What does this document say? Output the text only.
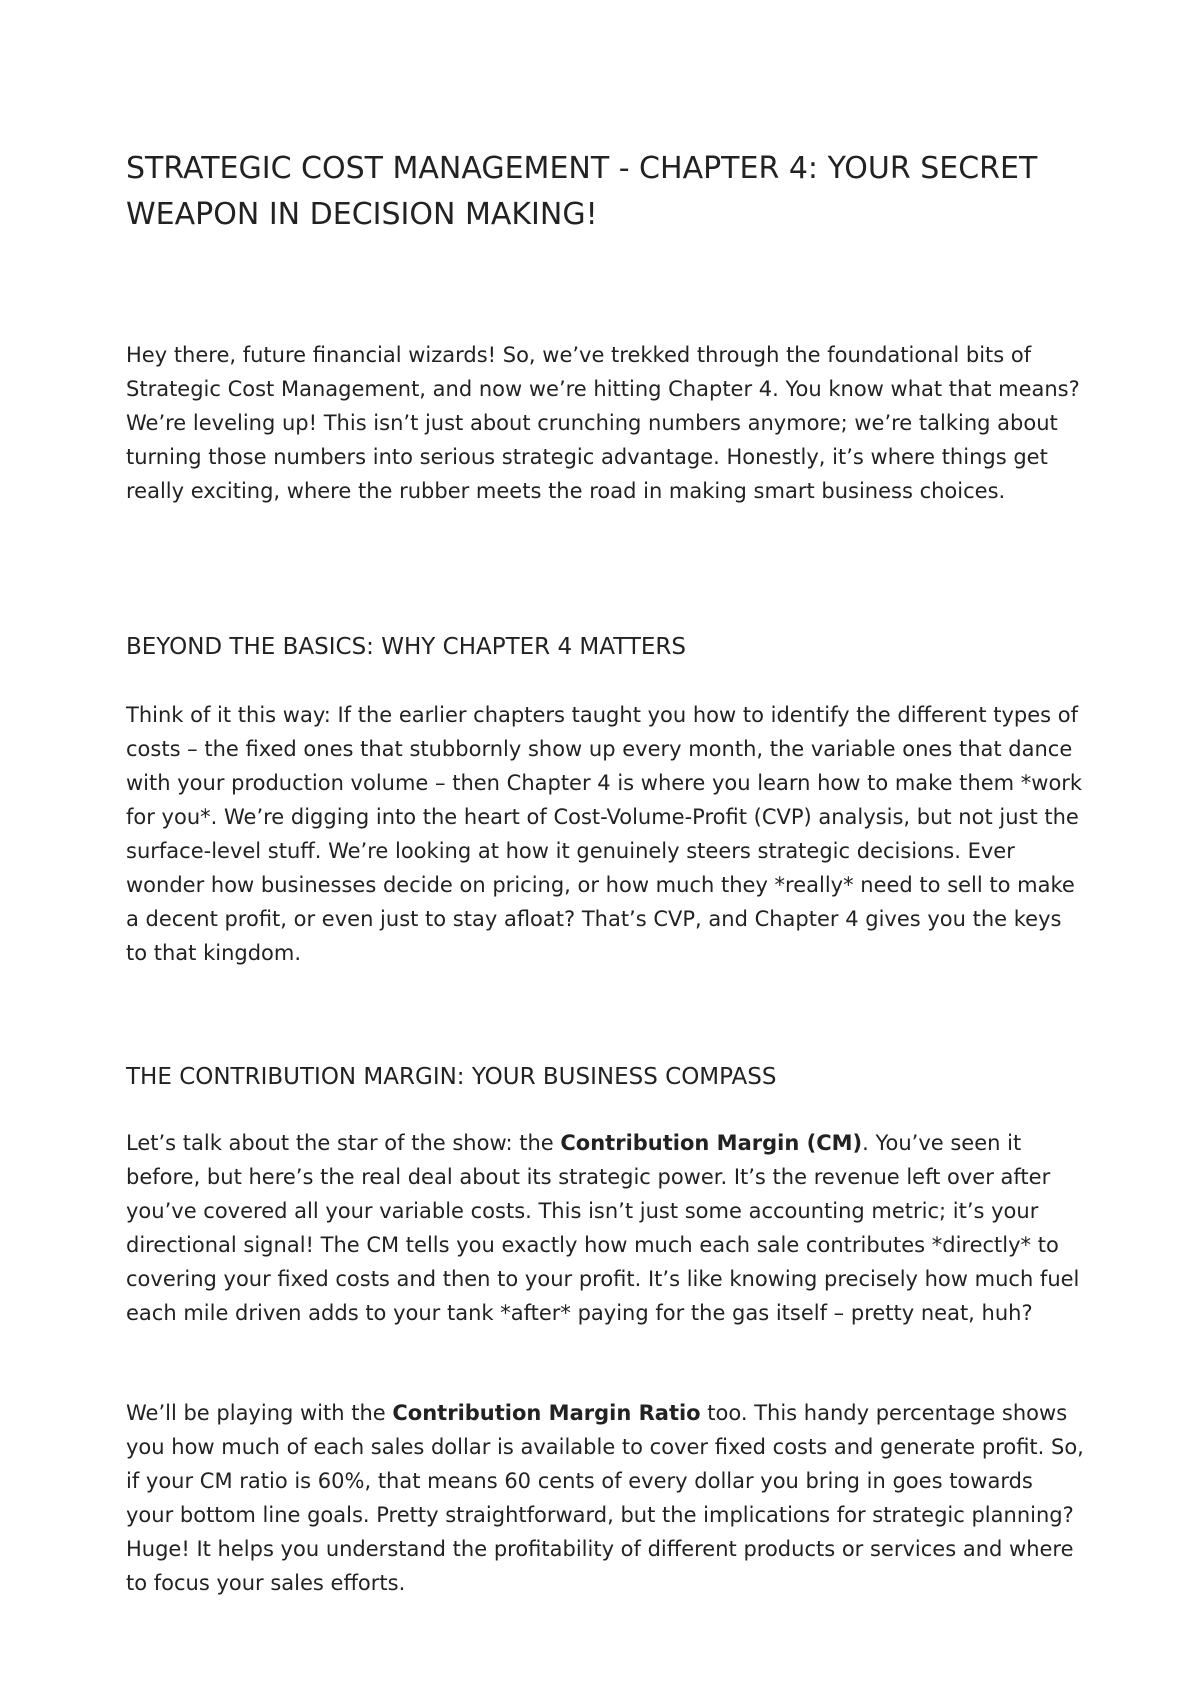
STRATEGIC COST MANAGEMENT - CHAPTER 4: YOUR SECRET WEAPON IN DECISION MAKING!

Hey there, future financial wizards! So, we’ve trekked through the foundational bits of Strategic Cost Management, and now we’re hitting Chapter 4. You know what that means? We’re leveling up! This isn’t just about crunching numbers anymore; we’re talking about turning those numbers into serious strategic advantage. Honestly, it’s where things get really exciting, where the rubber meets the road in making smart business choices.

BEYOND THE BASICS: WHY CHAPTER 4 MATTERS

Think of it this way: If the earlier chapters taught you how to identify the different types of costs – the fixed ones that stubbornly show up every month, the variable ones that dance with your production volume – then Chapter 4 is where you learn how to make them *work for you*. We’re digging into the heart of Cost-Volume-Profit (CVP) analysis, but not just the surface-level stuff. We’re looking at how it genuinely steers strategic decisions. Ever wonder how businesses decide on pricing, or how much they *really* need to sell to make a decent profit, or even just to stay afloat? That’s CVP, and Chapter 4 gives you the keys to that kingdom.

THE CONTRIBUTION MARGIN: YOUR BUSINESS COMPASS

Let’s talk about the star of the show: the Contribution Margin (CM). You’ve seen it before, but here’s the real deal about its strategic power. It’s the revenue left over after you’ve covered all your variable costs. This isn’t just some accounting metric; it’s your directional signal! The CM tells you exactly how much each sale contributes *directly* to covering your fixed costs and then to your profit. It’s like knowing precisely how much fuel each mile driven adds to your tank *after* paying for the gas itself – pretty neat, huh?

We’ll be playing with the Contribution Margin Ratio too. This handy percentage shows you how much of each sales dollar is available to cover fixed costs and generate profit. So, if your CM ratio is 60%, that means 60 cents of every dollar you bring in goes towards your bottom line goals. Pretty straightforward, but the implications for strategic planning? Huge! It helps you understand the profitability of different products or services and where to focus your sales efforts.
